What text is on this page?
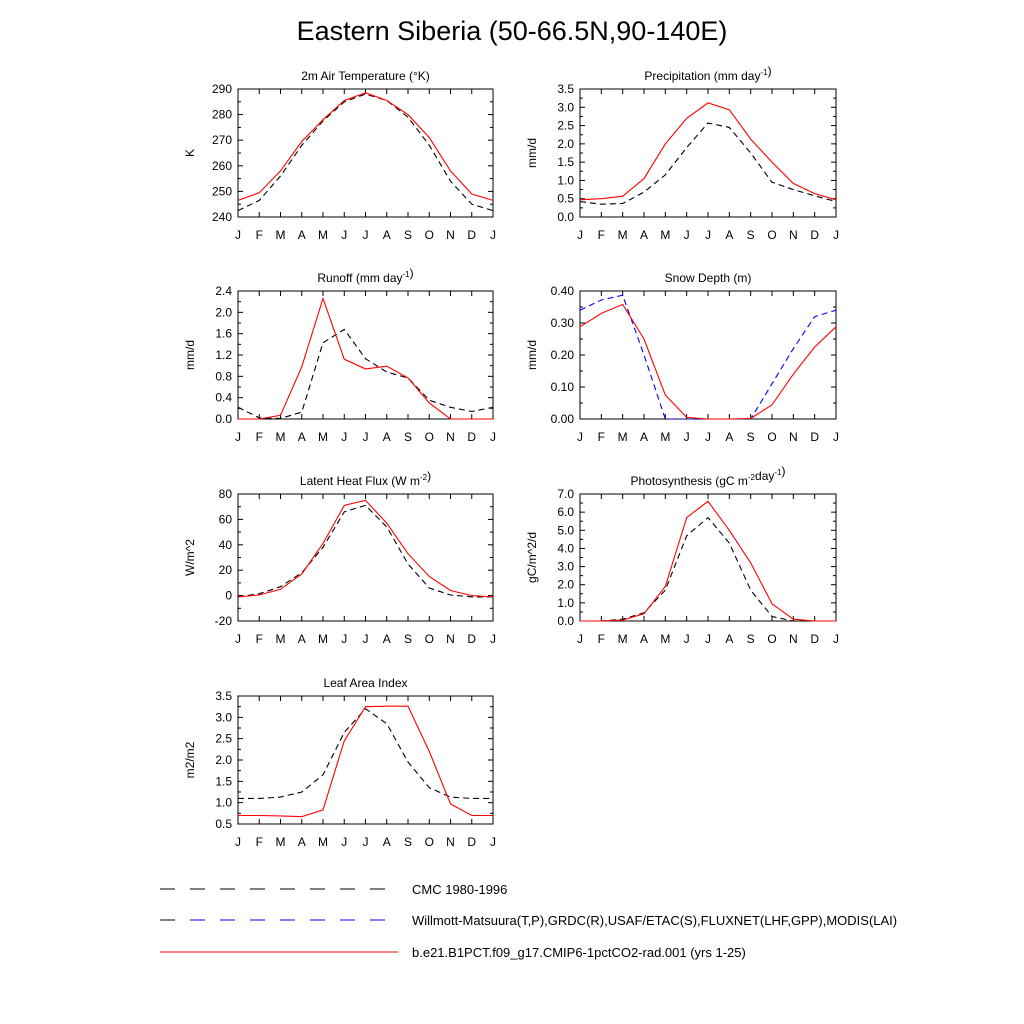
Eastern Siberia (50-66.5N,90-140E)
2m Air Temperature (°K)
240
250
260
270
280
290
J F M A M J J A S O N D J
K
Precipitation (mm day$^{-1}$)
0.0
0.5
1.0
1.5
2.0
2.5
3.0
3.5
J F M A M J J A S O N D J
mm/d
Runoff (mm day$^{-1}$)
0.0
0.4
0.8
1.2
1.6
2.0
2.4
J F M A M J J A S O N D J
mm/d
Snow Depth (m)
0.00
0.10
0.20
0.30
0.40
J F M A M J J A S O N D J
mm/d
Latent Heat Flux (W $m^{-2}$)
-20
0
20
40
60
80
J F M A M J J A S O N D J
W/m^2
Photosynthesis (gC $m^{-2}day^{-1}$)
0.0
1.0
2.0
3.0
4.0
5.0
6.0
7.0
J F M A M J J A S O N D J
gC/m^2/d
Leaf Area Index
0.5
1.0
1.5
2.0
2.5
3.0
3.5
J F M A M J J A S O N D J
m2/m2
CMC 1980-1996
Willmott-Matsuura(T,P),GRDC(R),USAF/ETAC(S),FLUXNET(LHF,GPP),MODIS(LAI)
b.e21.B1PCT.f09_g17.CMIP6-1pctCO2-rad.001 (yrs 1-25)
